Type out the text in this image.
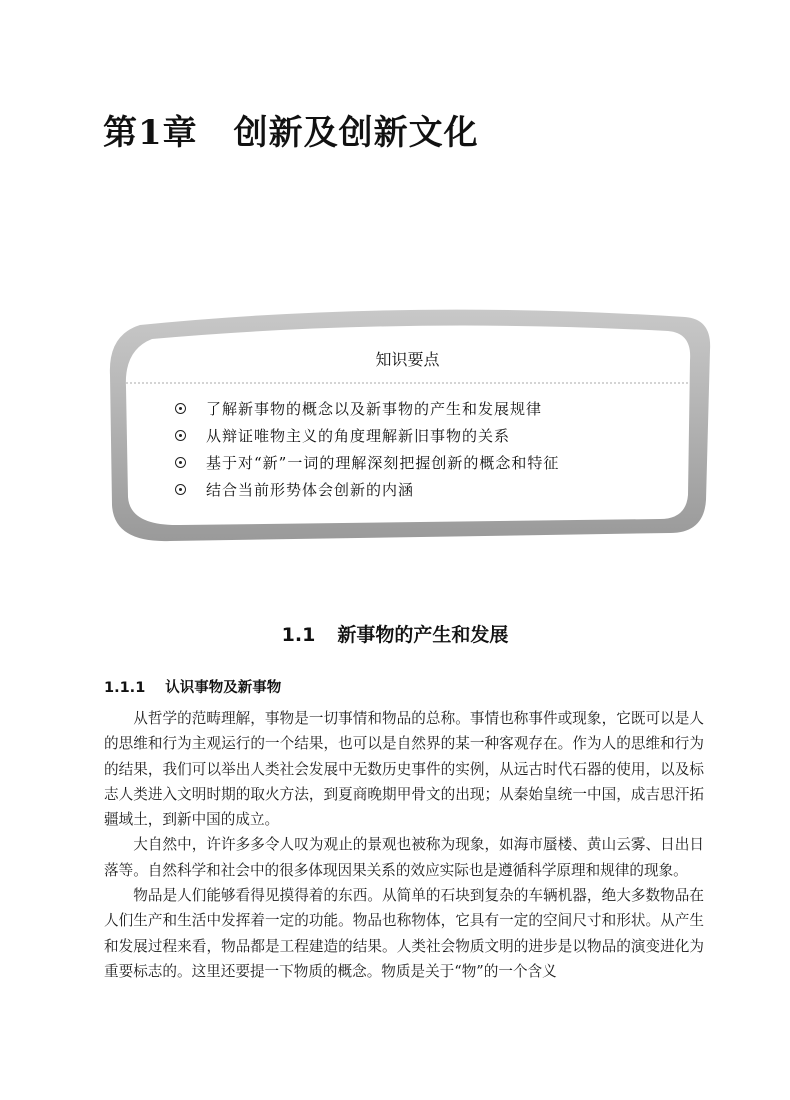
第1章 创新及创新文化
知识要点
了解新事物的概念以及新事物的产生和发展规律
从辩证唯物主义的角度理解新旧事物的关系
基于对“新”一词的理解深刻把握创新的概念和特征
结合当前形势体会创新的内涵
1.1 新事物的产生和发展
1.1.1 认识事物及新事物

从哲学的范畴理解，事物是一切事情和物品的总称。事情也称事件或现象，它既可以是人的思维和行为主观运行的一个结果，也可以是自然界的某一种客观存在。作为人的思维和行为的结果，我们可以举出人类社会发展中无数历史事件的实例，从远古时代石器的使用，以及标志人类进入文明时期的取火方法，到夏商晚期甲骨文的出现；从秦始皇统一中国，成吉思汗拓疆域土，到新中国的成立。

大自然中，许许多多令人叹为观止的景观也被称为现象，如海市蜃楼、黄山云雾、日出日落等。自然科学和社会中的很多体现因果关系的效应实际也是遵循科学原理和规律的现象。

物品是人们能够看得见摸得着的东西。从简单的石块到复杂的车辆机器，绝大多数物品在人们生产和生活中发挥着一定的功能。物品也称物体，它具有一定的空间尺寸和形状。从产生和发展过程来看，物品都是工程建造的结果。人类社会物质文明的进步是以物品的演变进化为重要标志的。这里还要提一下物质的概念。物质是关于“物”的一个含义
